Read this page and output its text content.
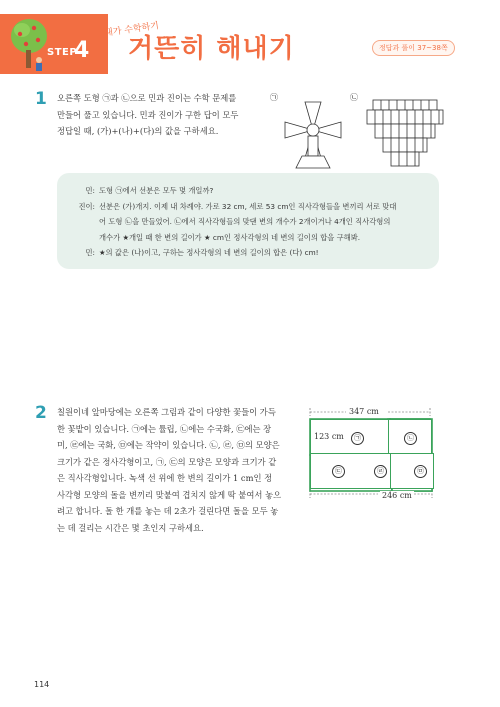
STEP
4
내가 수학하기
거뜬히 해내기	정답과 풀이 37~38쪽
1 오른쪽 도형 ㉠과 ㉡으로 민과 진이는 수학 문제를
만들어 풀고 있습니다. 민과 진이가 구한 답이 모두
정답일 때, (가)+(나)+(다)의 값을 구하세요.
㉠	㉡
민: 도형 ㉠에서 선분은 모두 몇 개일까?
진이: 선분은 (가)개지. 이제 내 차례야. 가로 32 cm, 세로 53 cm인 직사각형들을 변끼리 서로 맞대
어 도형 ㉡을 만들었어. ㉡에서 직사각형들의 맞댄 변의 개수가 2개이거나 4개인 직사각형의
개수가 ★개일 때 한 변의 길이가 ★ cm인 정사각형의 네 변의 길이의 합을 구해봐.
민: ★의 값은 (나)이고, 구하는 정사각형의 네 변의 길이의 합은 (다) cm!
2 칠원이네 앞마당에는 오른쪽 그림과 같이 다양한 꽃들이 가득
한 꽃밭이 있습니다. ㉠에는 튤립, ㉡에는 수국화, ㉢에는 장
미, ㉣에는 국화, ㉤에는 작약이 있습니다. ㉡, ㉣, ㉤의 모양은
크기가 같은 정사각형이고, ㉠, ㉢의 모양은 모양과 크기가 같
은 직사각형입니다. 녹색 선 위에 한 변의 길이가 1 cm인 정
사각형 모양의 돌을 변끼리 맞붙여 겹치지 않게 딱 붙여서 놓으
려고 합니다. 돌 한 개를 놓는 데 2초가 걸린다면 돌을 모두 놓
는 데 걸리는 시간은 몇 초인지 구하세요.
347 cm
123 cm
246 cm
㉠	㉡
㉢	㉣	㉤
114
